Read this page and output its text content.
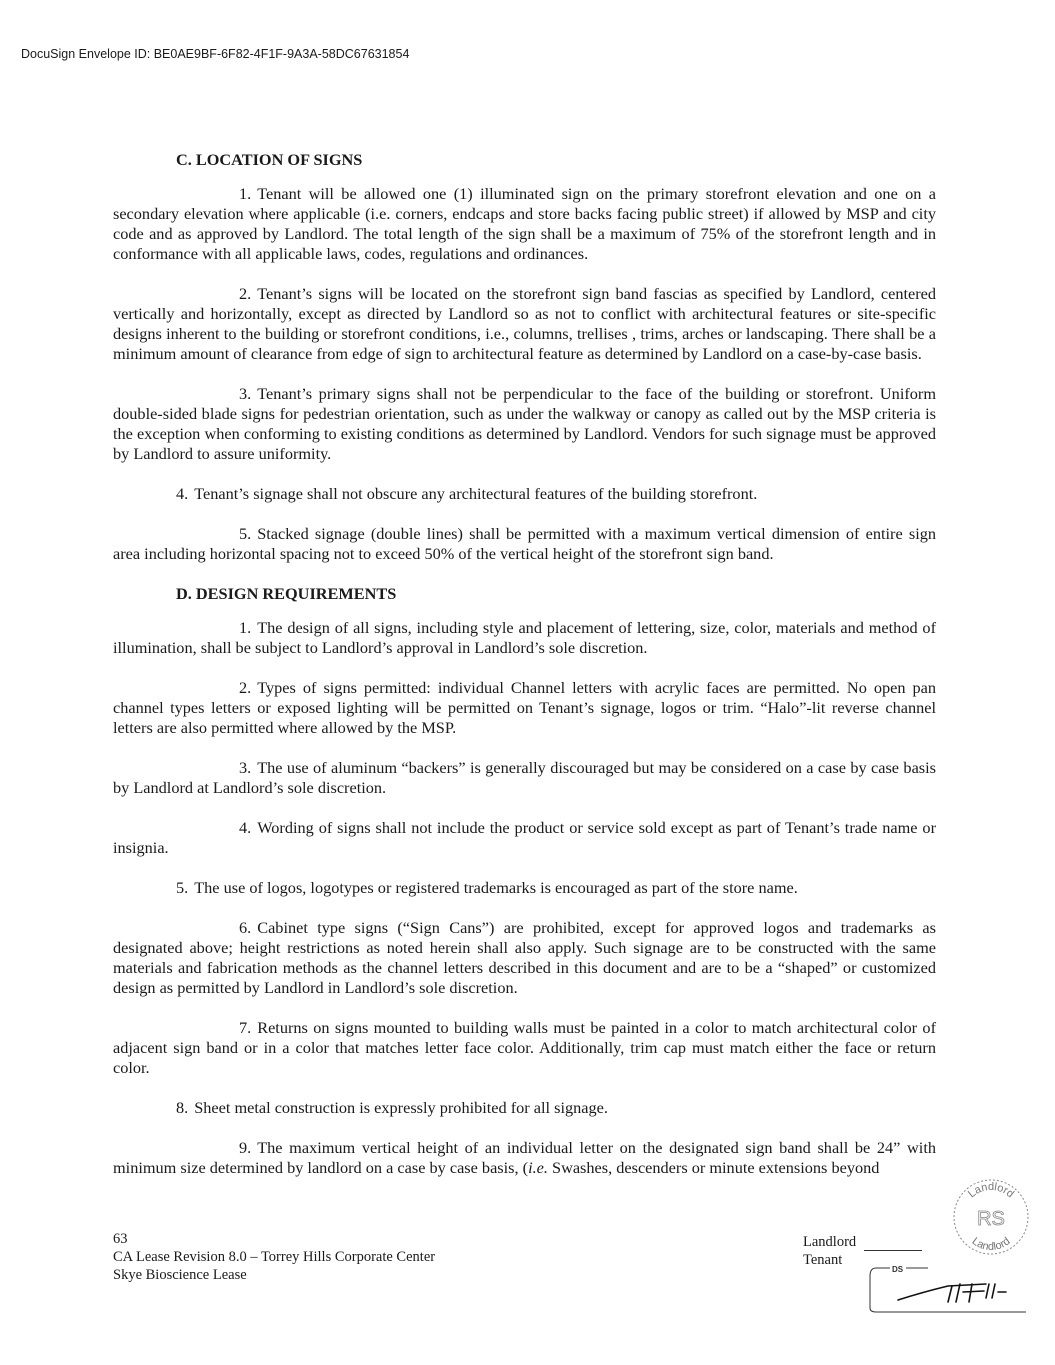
DocuSign Envelope ID: BE0AE9BF-6F82-4F1F-9A3A-58DC67631854
C. LOCATION OF SIGNS

1. Tenant will be allowed one (1) illuminated sign on the primary storefront elevation and one on a secondary elevation where applicable (i.e. corners, endcaps and store backs facing public street) if allowed by MSP and city code and as approved by Landlord. The total length of the sign shall be a maximum of 75% of the storefront length and in conformance with all applicable laws, codes, regulations and ordinances.

2. Tenant’s signs will be located on the storefront sign band fascias as specified by Landlord, centered vertically and horizontally, except as directed by Landlord so as not to conflict with architectural features or site-specific designs inherent to the building or storefront conditions, i.e., columns, trellises , trims, arches or landscaping. There shall be a minimum amount of clearance from edge of sign to architectural feature as determined by Landlord on a case-by-case basis.

3. Tenant’s primary signs shall not be perpendicular to the face of the building or storefront. Uniform double-sided blade signs for pedestrian orientation, such as under the walkway or canopy as called out by the MSP criteria is the exception when conforming to existing conditions as determined by Landlord. Vendors for such signage must be approved by Landlord to assure uniformity.

4. Tenant’s signage shall not obscure any architectural features of the building storefront.

5. Stacked signage (double lines) shall be permitted with a maximum vertical dimension of entire sign area including horizontal spacing not to exceed 50% of the vertical height of the storefront sign band.

D. DESIGN REQUIREMENTS

1. The design of all signs, including style and placement of lettering, size, color, materials and method of illumination, shall be subject to Landlord’s approval in Landlord’s sole discretion.

2. Types of signs permitted: individual Channel letters with acrylic faces are permitted. No open pan channel types letters or exposed lighting will be permitted on Tenant’s signage, logos or trim. “Halo”-lit reverse channel letters are also permitted where allowed by the MSP.

3. The use of aluminum “backers” is generally discouraged but may be considered on a case by case basis by Landlord at Landlord’s sole discretion.

4. Wording of signs shall not include the product or service sold except as part of Tenant’s trade name or insignia.

5. The use of logos, logotypes or registered trademarks is encouraged as part of the store name.

6. Cabinet type signs (“Sign Cans”) are prohibited, except for approved logos and trademarks as designated above; height restrictions as noted herein shall also apply. Such signage are to be constructed with the same materials and fabrication methods as the channel letters described in this document and are to be a “shaped” or customized design as permitted by Landlord in Landlord’s sole discretion.

7. Returns on signs mounted to building walls must be painted in a color to match architectural color of adjacent sign band or in a color that matches letter face color. Additionally, trim cap must match either the face or return color.

8. Sheet metal construction is expressly prohibited for all signage.

9. The maximum vertical height of an individual letter on the designated sign band shall be 24” with minimum size determined by landlord on a case by case basis, (i.e. Swashes, descenders or minute extensions beyond

63
CA Lease Revision 8.0 – Torrey Hills Corporate Center
Skye Bioscience Lease
Landlord
Tenant
Landlord
RS
Landlord
DS
